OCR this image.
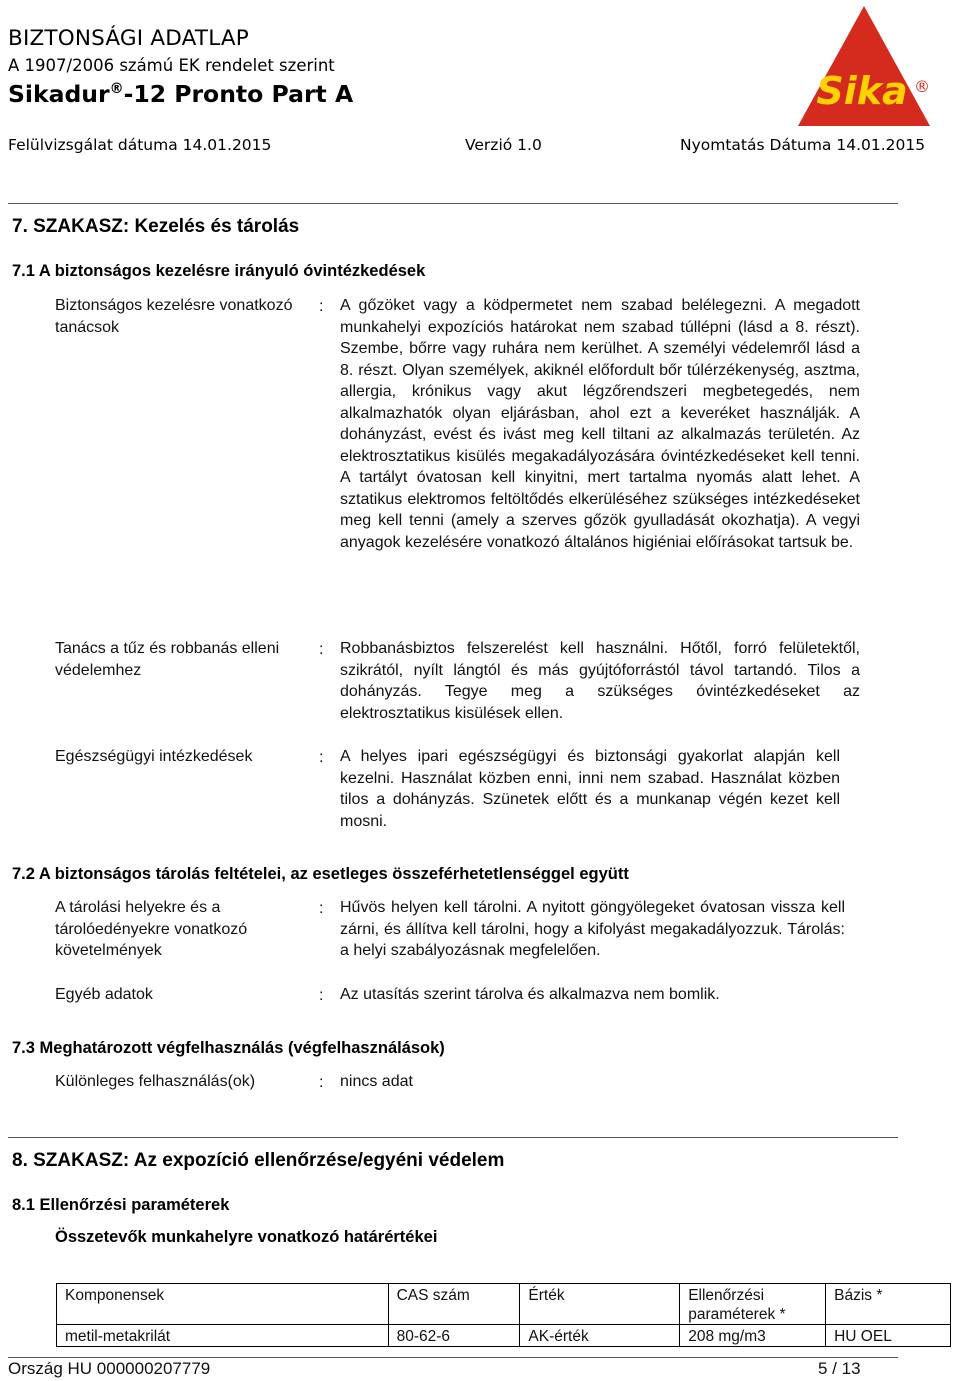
BIZTONSÁGI ADATLAP
A 1907/2006 számú EK rendelet szerint
Sikadur®-12 Pronto Part A
Felülvizsgálat dátuma 14.01.2015	Verzió 1.0	Nyomtatás Dátuma 14.01.2015
Sika ®
7. SZAKASZ: Kezelés és tárolás
7.1 A biztonságos kezelésre irányuló óvintézkedések
Biztonságos kezelésre vonatkozó tanácsok
: A gőzöket vagy a ködpermetet nem szabad belélegezni. A megadott munkahelyi expozíciós határokat nem szabad túllépni (lásd a 8. részt). Szembe, bőrre vagy ruhára nem kerülhet. A személyi védelemről lásd a 8. részt. Olyan személyek, akiknél előfordult bőr túlérzékenység, asztma, allergia, krónikus vagy akut légzőrendszeri megbetegedés, nem alkalmazhatók olyan eljárásban, ahol ezt a keveréket használják. A dohányzást, evést és ivást meg kell tiltani az alkalmazás területén. Az elektrosztatikus kisülés megakadályozására óvintézkedéseket kell tenni. A tartályt óvatosan kell kinyitni, mert tartalma nyomás alatt lehet. A sztatikus elektromos feltöltődés elkerüléséhez szükséges intézkedéseket meg kell tenni (amely a szerves gőzök gyulladását okozhatja). A vegyi anyagok kezelésére vonatkozó általános higiéniai előírásokat tartsuk be.

Tanács a tűz és robbanás elleni védelemhez
: Robbanásbiztos felszerelést kell használni. Hőtől, forró felületektől, szikrától, nyílt lángtól és más gyújtóforrástól távol tartandó. Tilos a dohányzás. Tegye meg a szükséges óvintézkedéseket az elektrosztatikus kisülések ellen.

Egészségügyi intézkedések	: A helyes ipari egészségügyi és biztonsági gyakorlat alapján kell kezelni. Használat közben enni, inni nem szabad. Használat közben tilos a dohányzás. Szünetek előtt és a munkanap végén kezet kell mosni.

7.2 A biztonságos tárolás feltételei, az esetleges összeférhetetlenséggel együtt
A tárolási helyekre és a tárolóedényekre vonatkozó követelmények
: Hűvös helyen kell tárolni. A nyitott göngyölegeket óvatosan vissza kell zárni, és állítva kell tárolni, hogy a kifolyást megakadályozzuk. Tárolás: a helyi szabályozásnak megfelelően.

Egyéb adatok	: Az utasítás szerint tárolva és alkalmazva nem bomlik.

7.3 Meghatározott végfelhasználás (végfelhasználások)
Különleges felhasználás(ok)	: nincs adat

8. SZAKASZ: Az expozíció ellenőrzése/egyéni védelem
8.1 Ellenőrzési paraméterek
Összetevők munkahelyre vonatkozó határértékei
Komponensek	CAS szám	Érték	Ellenőrzési paraméterek *	Bázis *
metil-metakrilát	80-62-6	AK-érték	208 mg/m3	HU OEL
Ország HU 000000207779	5 / 13
